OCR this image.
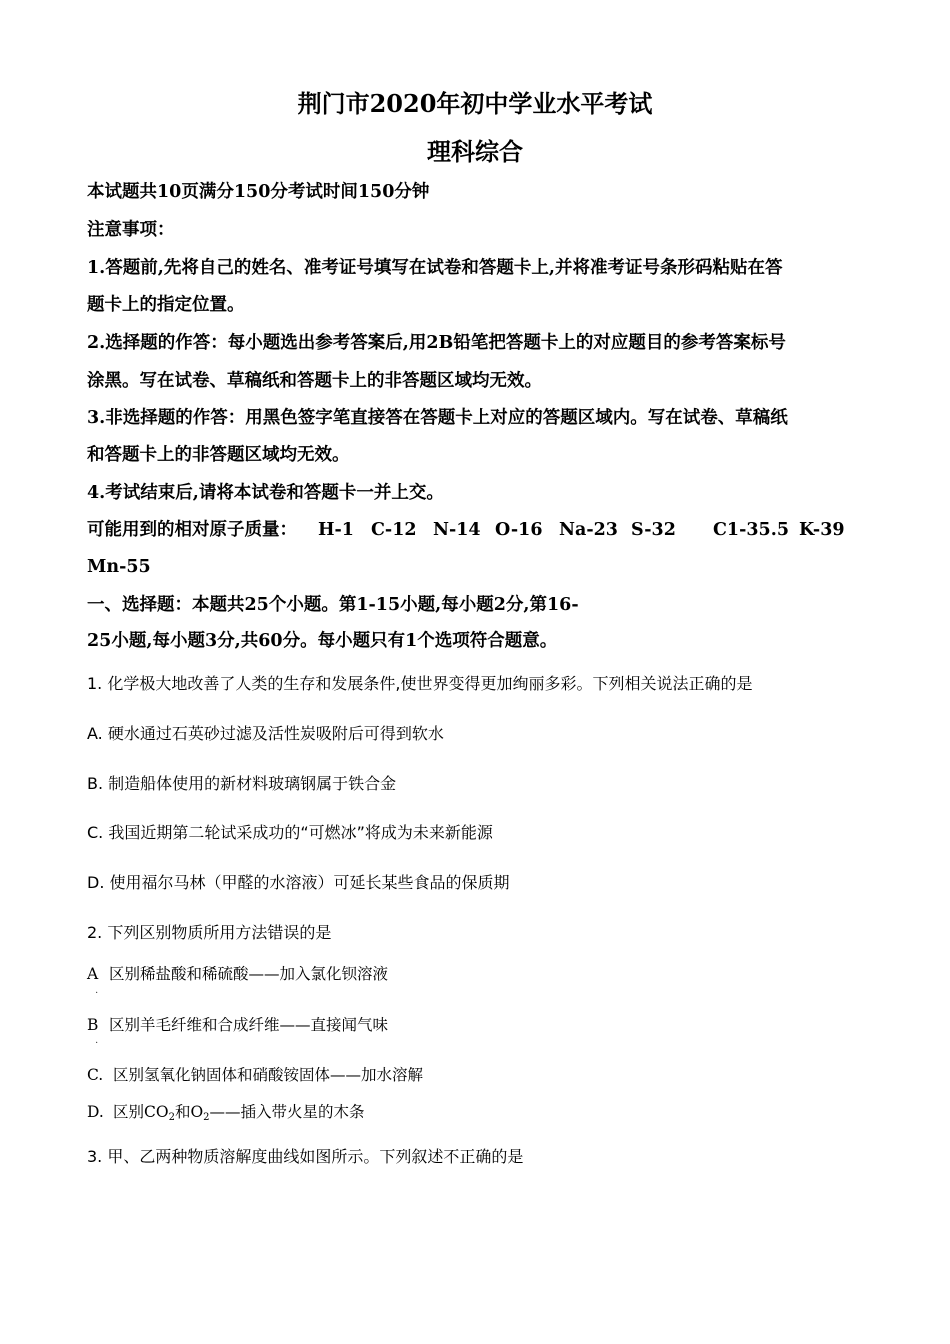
荆门市2020年初中学业水平考试
理科综合
本试题共10页满分150分考试时间150分钟
注意事项：
1.答题前,先将自己的姓名、准考证号填写在试卷和答题卡上,并将准考证号条形码粘贴在答
题卡上的指定位置。
2.选择题的作答：每小题选出参考答案后,用2B铅笔把答题卡上的对应题目的参考答案标号
涂黑。写在试卷、草稿纸和答题卡上的非答题区域均无效。
3.非选择题的作答：用黑色签字笔直接答在答题卡上对应的答题区域内。写在试卷、草稿纸
和答题卡上的非答题区域均无效。
4.考试结束后,请将本试卷和答题卡一并上交。
可能用到的相对原子质量：	H-1 C-12 N-14 O-16 Na-23 S-32 C1-35.5 K-39
Mn-55
一、选择题：本题共25个小题。第1-15小题,每小题2分,第16-
25小题,每小题3分,共60分。每小题只有1个选项符合题意。
1. 化学极大地改善了人类的生存和发展条件,使世界变得更加绚丽多彩。下列相关说法正确的是
A. 硬水通过石英砂过滤及活性炭吸附后可得到软水
B. 制造船体使用的新材料玻璃钢属于铁合金
C. 我国近期第二轮试采成功的“可燃冰”将成为未来新能源
D. 使用福尔马林（甲醛的水溶液）可延长某些食品的保质期
2. 下列区别物质所用方法错误的是
A 区别稀盐酸和稀硫酸——加入氯化钡溶液
·
B 区别羊毛纤维和合成纤维——直接闻气味
·
C. 区别氢氧化钠固体和硝酸铵固体——加水溶解
D. 区别$CO_2$和$O_2——$插入带火星的木条
3. 甲、乙两种物质溶解度曲线如图所示。下列叙述不正确的是
